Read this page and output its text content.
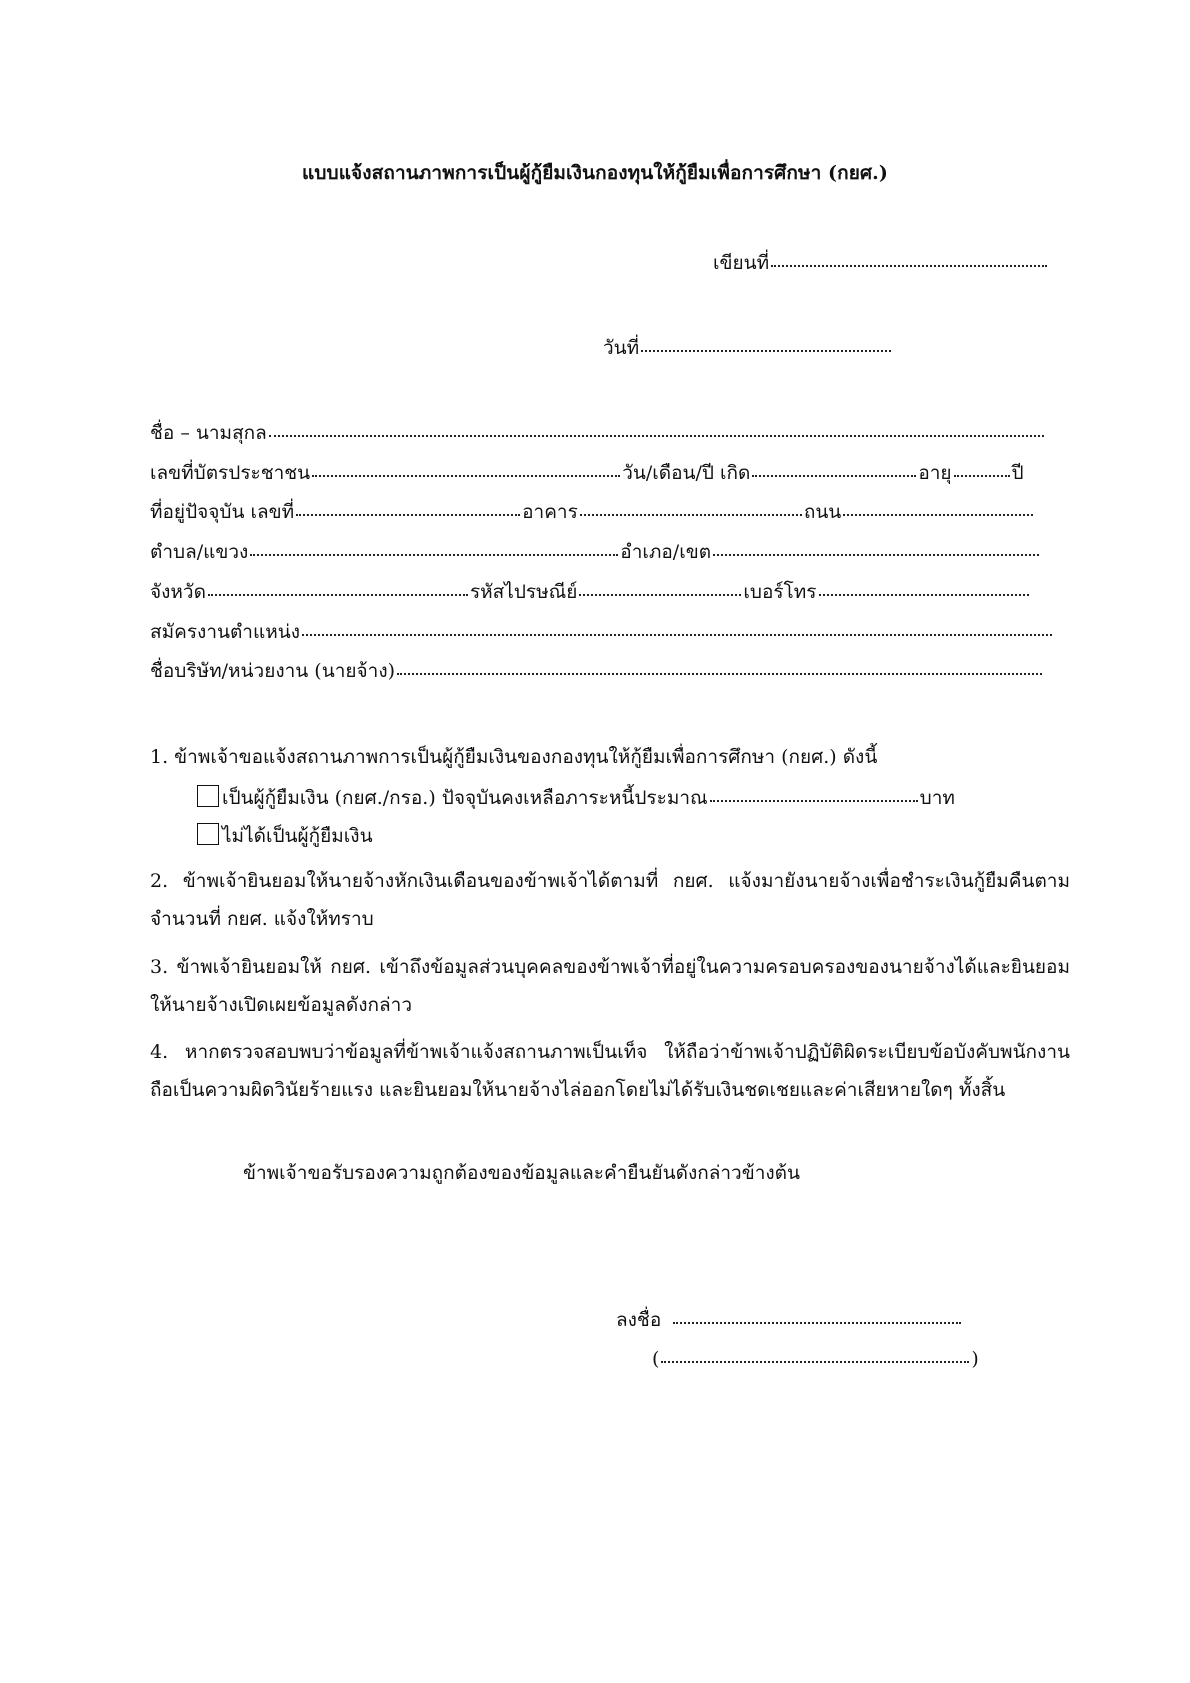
แบบแจ้งสถานภาพการเป็นผู้กู้ยืมเงินกองทุนให้กู้ยืมเพื่อการศึกษา (กยศ.)
เขียนที่
วันที่
ชื่อ – นามสุกล
เลขที่บัตรประชาชน	วัน/เดือน/ปี เกิด	อายุ	ปี
ที่อยู่ปัจจุบัน เลขที่	อาคาร	ถนน
ตำบล/แขวง	อำเภอ/เขต
จังหวัด	รหัสไปรษณีย์	เบอร์โทร
สมัครงานตำแหน่ง
ชื่อบริษัท/หน่วยงาน (นายจ้าง)
1. ข้าพเจ้าขอแจ้งสถานภาพการเป็นผู้กู้ยืมเงินของกองทุนให้กู้ยืมเพื่อการศึกษา (กยศ.) ดังนี้
เป็นผู้กู้ยืมเงิน (กยศ./กรอ.) ปัจจุบันคงเหลือภาระหนี้ประมาณ	บาท
ไม่ได้เป็นผู้กู้ยืมเงิน
2. ข้าพเจ้ายินยอมให้นายจ้างหักเงินเดือนของข้าพเจ้าได้ตามที่ กยศ. แจ้งมายังนายจ้างเพื่อชำระเงินกู้ยืมคืนตามจำนวนที่ กยศ. แจ้งให้ทราบ
3. ข้าพเจ้ายินยอมให้ กยศ. เข้าถึงข้อมูลส่วนบุคคลของข้าพเจ้าที่อยู่ในความครอบครองของนายจ้างได้และยินยอมให้นายจ้างเปิดเผยข้อมูลดังกล่าว
4. หากตรวจสอบพบว่าข้อมูลที่ข้าพเจ้าแจ้งสถานภาพเป็นเท็จ ให้ถือว่าข้าพเจ้าปฏิบัติผิดระเบียบข้อบังคับพนักงานถือเป็นความผิดวินัยร้ายแรง และยินยอมให้นายจ้างไล่ออกโดยไม่ได้รับเงินชดเชยและค่าเสียหายใดๆ ทั้งสิ้น
ข้าพเจ้าขอรับรองความถูกต้องของข้อมูลและคำยืนยันดังกล่าวข้างต้น
ลงชื่อ
(	)
